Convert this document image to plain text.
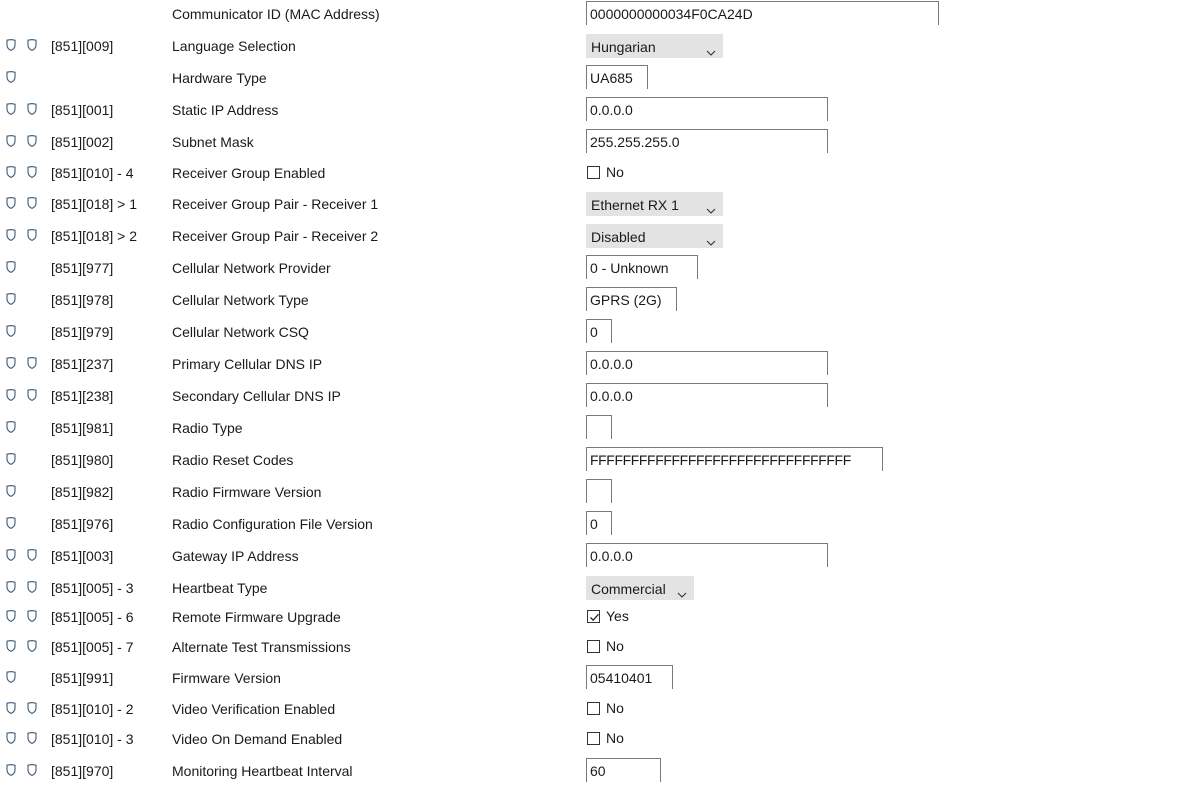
Communicator ID (MAC Address)	0000000000034F0CA24D
[851][009]	Language Selection	Hungarian
Hardware Type	UA685
[851][001]	Static IP Address	0.0.0.0
[851][002]	Subnet Mask	255.255.255.0
[851][010] - 4	Receiver Group Enabled	No
[851][018] > 1 Receiver Group Pair - Receiver 1	Ethernet RX 1
[851][018] > 2 Receiver Group Pair - Receiver 2	Disabled
[851][977]	Cellular Network Provider	0 - Unknown
[851][978]	Cellular Network Type	GPRS (2G)
[851][979]	Cellular Network CSQ	0
[851][237]	Primary Cellular DNS IP	0.0.0.0
[851][238]	Secondary Cellular DNS IP	0.0.0.0
[851][981]	Radio Type
[851][980]	Radio Reset Codes	FFFFFFFFFFFFFFFFFFFFFFFFFFFFFFFF
[851][982]	Radio Firmware Version
[851][976]	Radio Configuration File Version	0
[851][003]	Gateway IP Address	0.0.0.0
[851][005] - 3	Heartbeat Type	Commercial
[851][005] - 6	Remote Firmware Upgrade	Yes
[851][005] - 7	Alternate Test Transmissions	No
[851][991]	Firmware Version	05410401
[851][010] - 2	Video Verification Enabled	No
[851][010] - 3	Video On Demand Enabled	No
[851][970]	Monitoring Heartbeat Interval	60
